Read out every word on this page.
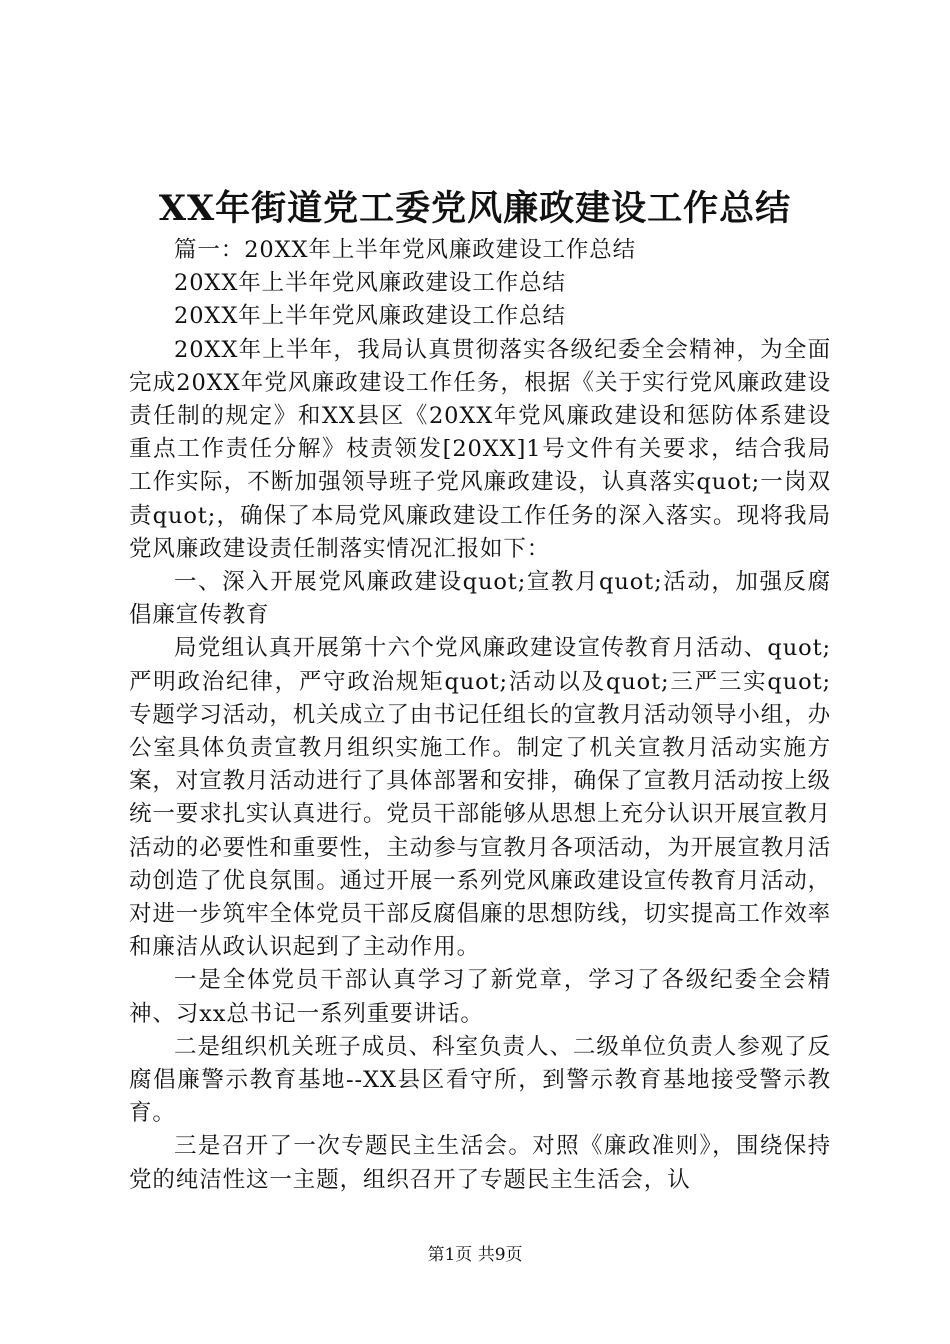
XX年街道党工委党风廉政建设工作总结

篇一：20XX年上半年党风廉政建设工作总结

20XX年上半年党风廉政建设工作总结

20XX年上半年党风廉政建设工作总结

20XX年上半年，我局认真贯彻落实各级纪委全会精神，为全面完成20XX年党风廉政建设工作任务，根据《关于实行党风廉政建设责任制的规定》和XX县区《20XX年党风廉政建设和惩防体系建设重点工作责任分解》枝责领发[20XX]1号文件有关要求，结合我局工作实际，不断加强领导班子党风廉政建设，认真落实quot;一岗双责quot;，确保了本局党风廉政建设工作任务的深入落实。现将我局党风廉政建设责任制落实情况汇报如下：

一、深入开展党风廉政建设quot;宣教月quot;活动，加强反腐倡廉宣传教育

局党组认真开展第十六个党风廉政建设宣传教育月活动、quot;严明政治纪律，严守政治规矩quot;活动以及quot;三严三实quot;专题学习活动，机关成立了由书记任组长的宣教月活动领导小组，办公室具体负责宣教月组织实施工作。制定了机关宣教月活动实施方案，对宣教月活动进行了具体部署和安排，确保了宣教月活动按上级统一要求扎实认真进行。党员干部能够从思想上充分认识开展宣教月活动的必要性和重要性，主动参与宣教月各项活动，为开展宣教月活动创造了优良氛围。通过开展一系列党风廉政建设宣传教育月活动，对进一步筑牢全体党员干部反腐倡廉的思想防线，切实提高工作效率和廉洁从政认识起到了主动作用。

一是全体党员干部认真学习了新党章，学习了各级纪委全会精神、习xx总书记一系列重要讲话。

二是组织机关班子成员、科室负责人、二级单位负责人参观了反腐倡廉警示教育基地--XX县区看守所，到警示教育基地接受警示教育。

三是召开了一次专题民主生活会。对照《廉政准则》，围绕保持党的纯洁性这一主题，组织召开了专题民主生活会，认

第1页 共9页
